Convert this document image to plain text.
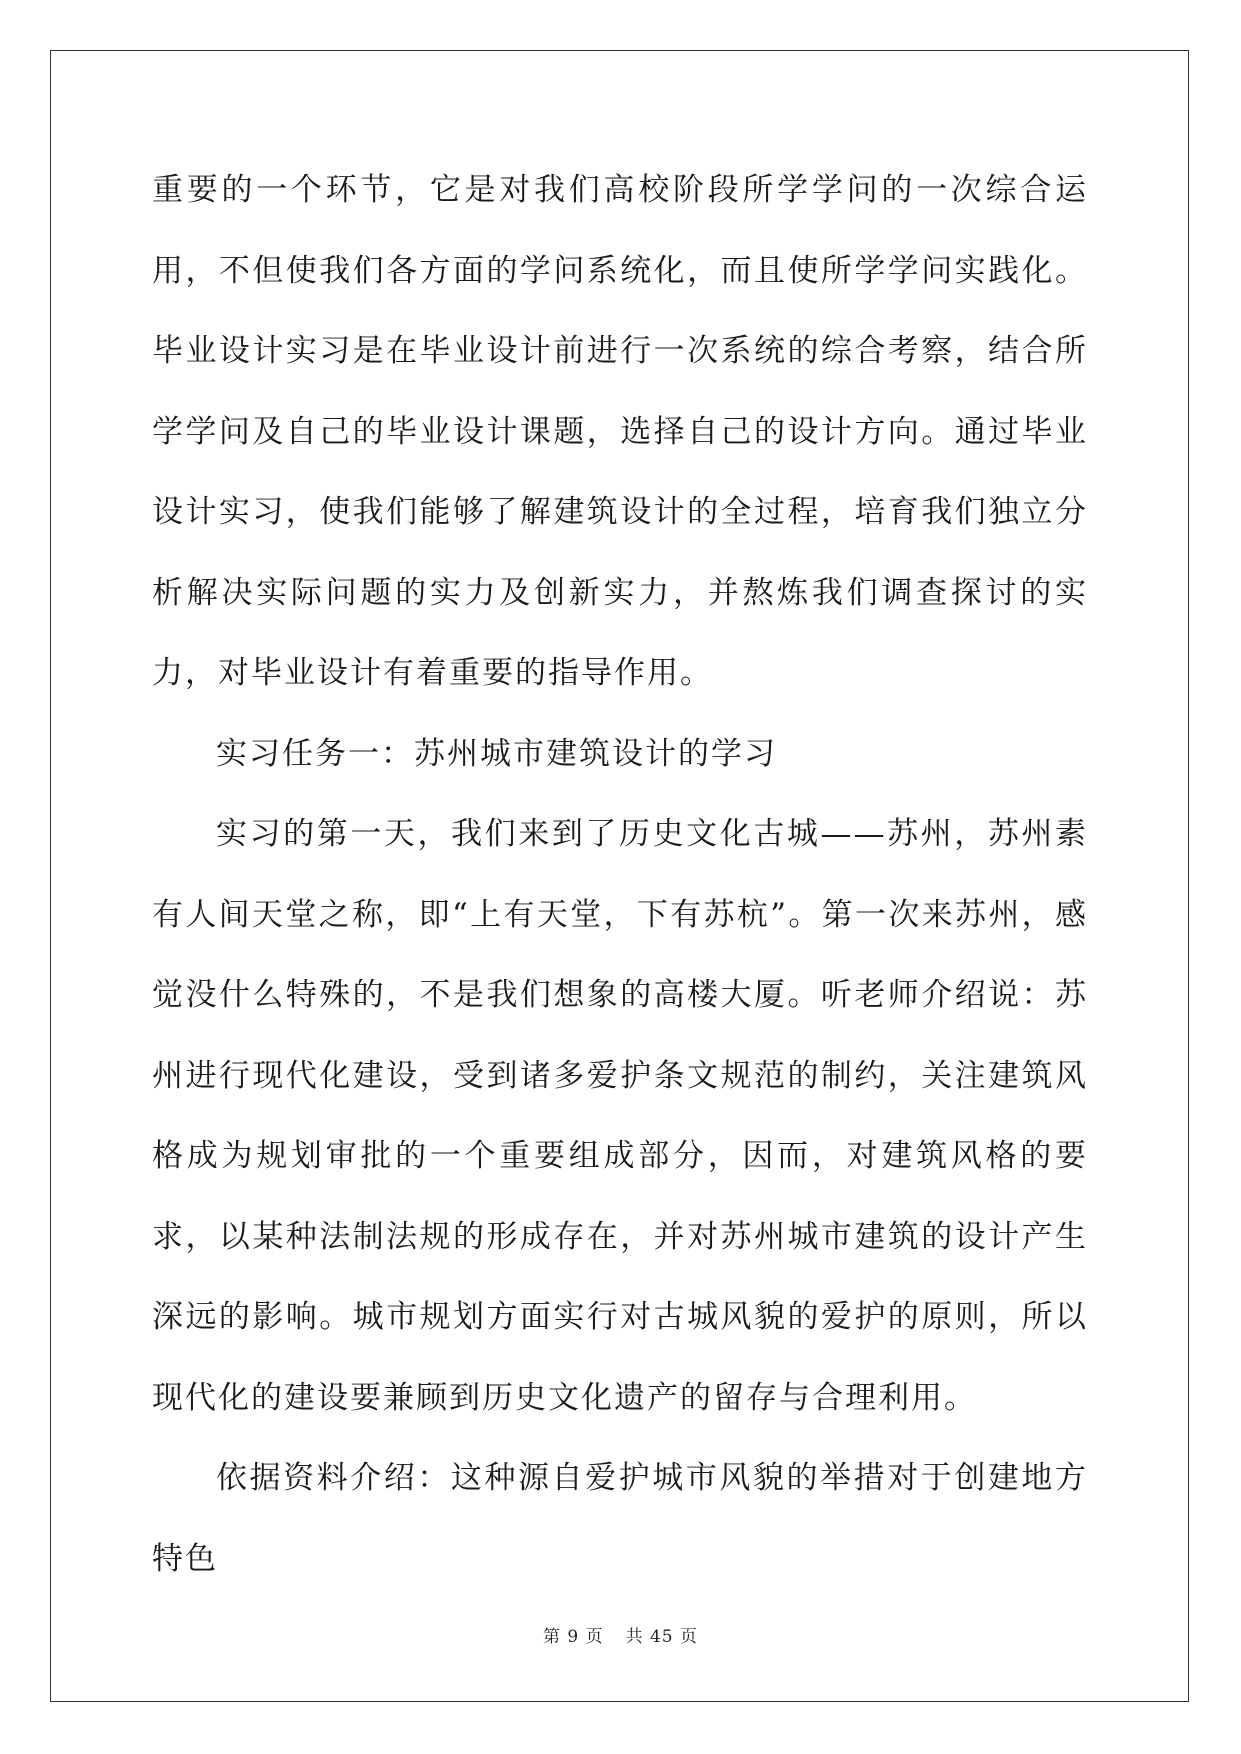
重要的一个环节，它是对我们高校阶段所学学问的一次综合运用，不但使我们各方面的学问系统化，而且使所学学问实践化。毕业设计实习是在毕业设计前进行一次系统的综合考察，结合所学学问及自己的毕业设计课题，选择自己的设计方向。通过毕业设计实习，使我们能够了解建筑设计的全过程，培育我们独立分析解决实际问题的实力及创新实力，并熬炼我们调查探讨的实力，对毕业设计有着重要的指导作用。

实习任务一：苏州城市建筑设计的学习

实习的第一天，我们来到了历史文化古城——苏州，苏州素有人间天堂之称，即“上有天堂，下有苏杭”。第一次来苏州，感觉没什么特殊的，不是我们想象的高楼大厦。听老师介绍说：苏州进行现代化建设，受到诸多爱护条文规范的制约，关注建筑风格成为规划审批的一个重要组成部分，因而，对建筑风格的要求，以某种法制法规的形成存在，并对苏州城市建筑的设计产生深远的影响。城市规划方面实行对古城风貌的爱护的原则，所以现代化的建设要兼顾到历史文化遗产的留存与合理利用。

依据资料介绍：这种源自爱护城市风貌的举措对于创建地方特色

第 9 页 共 45 页
